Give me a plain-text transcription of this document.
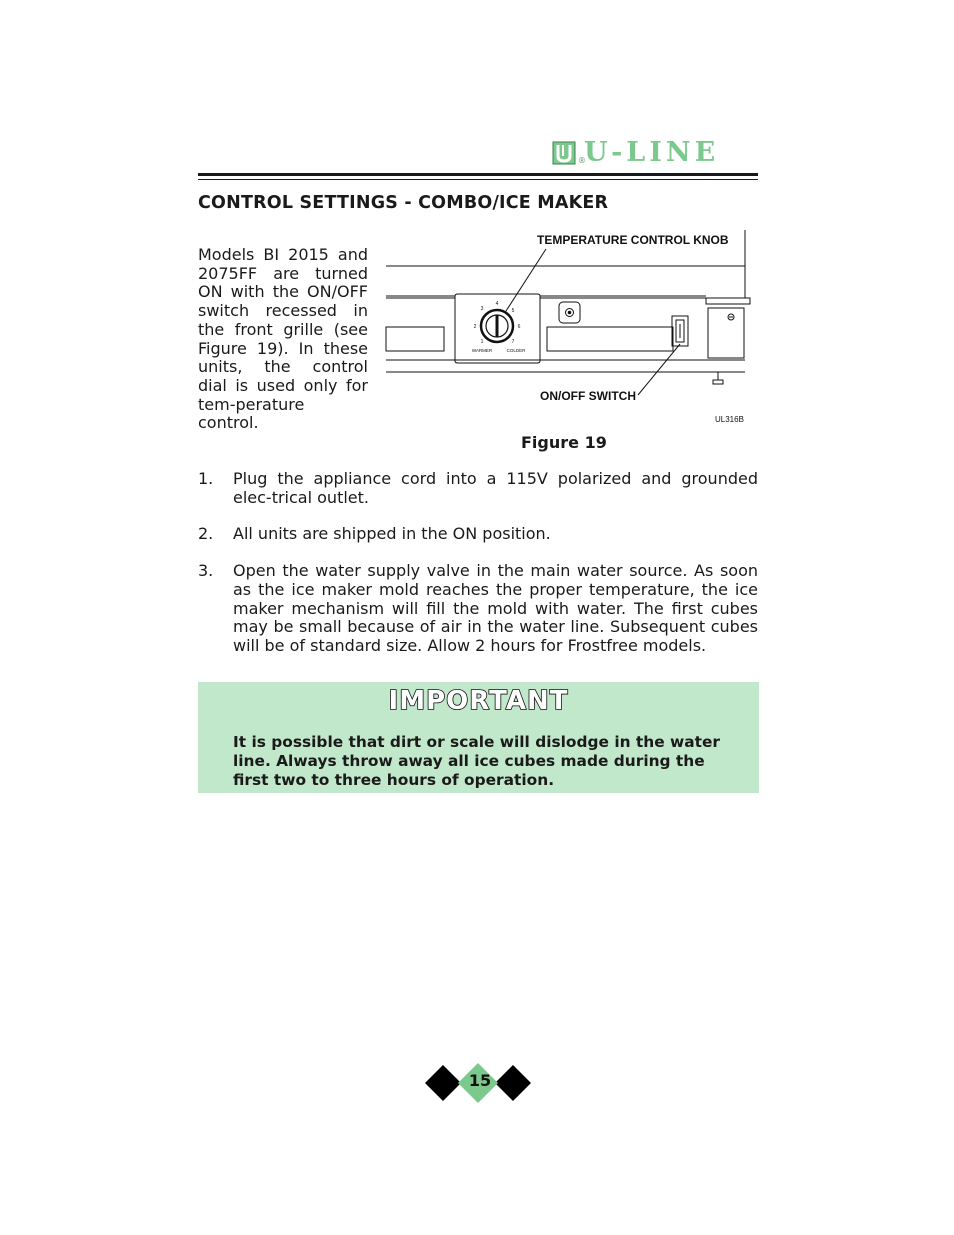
®
U-LINE
CONTROL SETTINGS - COMBO/ICE MAKER

Models BI 2015 and 2075FF are turned ON with the ON/OFF switch recessed in the front grille (see Figure 19). In these units, the control dial is used only for tem-perature control.

1
2
3
4
5
6
7
WARMER	COLDER
TEMPERATURE CONTROL KNOB
ON/OFF SWITCH
UL316B

Figure 19

1. Plug the appliance cord into a 115V polarized and grounded elec-trical outlet.
2. All units are shipped in the ON position.
3. Open the water supply valve in the main water source. As soon as the ice maker mold reaches the proper temperature, the ice maker mechanism will fill the mold with water. The first cubes may be small because of air in the water line. Subsequent cubes will be of standard size. Allow 2 hours for Frostfree models.
IMPORTANT

It is possible that dirt or scale will dislodge in the water line. Always throw away all ice cubes made during the first two to three hours of operation.

15
